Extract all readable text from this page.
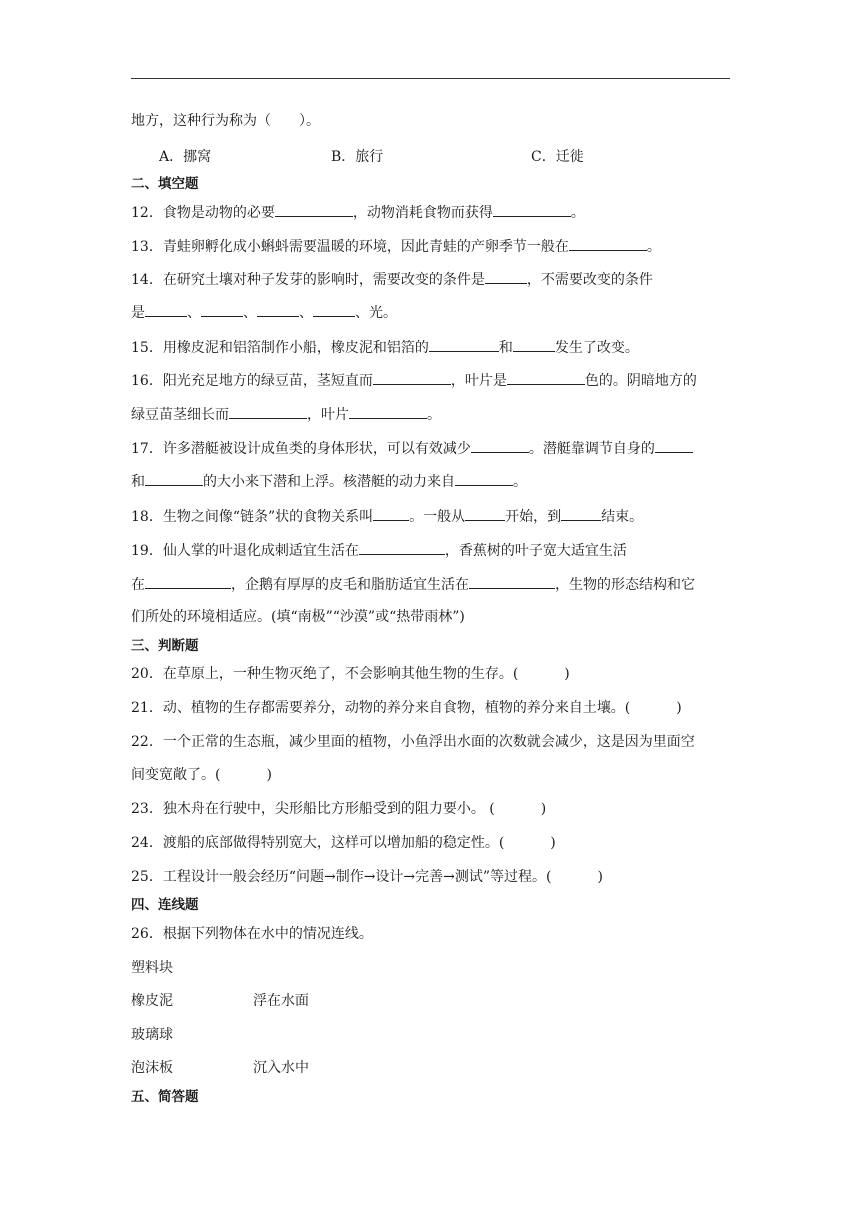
地方，这种行为称为（　　）。
A．挪窝	B．旅行	C．迁徙
二、填空题
12．食物是动物的必要	，动物消耗食物而获得	。
13．青蛙卵孵化成小蝌蚪需要温暖的环境，因此青蛙的产卵季节一般在	。
14．在研究土壤对种子发芽的影响时，需要改变的条件是	，不需要改变的条件
是	、	、	、	、光。
15．用橡皮泥和铝箔制作小船，橡皮泥和铝箔的	和	发生了改变。
16．阳光充足地方的绿豆苗，茎短直而	，叶片是	色的。阴暗地方的
绿豆苗茎细长而	，叶片	。
17．许多潜艇被设计成鱼类的身体形状，可以有效减少	。潜艇靠调节自身的
和	的大小来下潜和上浮。核潜艇的动力来自	。
18．生物之间像“链条”状的食物关系叫	。一般从	开始，到	结束。
19．仙人掌的叶退化成刺适宜生活在	，香蕉树的叶子宽大适宜生活
在	，企鹅有厚厚的皮毛和脂肪适宜生活在	，生物的形态结构和它
们所处的环境相适应。(填“南极”“沙漠”或“热带雨林”)
三、判断题
20．在草原上，一种生物灭绝了，不会影响其他生物的生存。(	)
21．动、植物的生存都需要养分，动物的养分来自食物，植物的养分来自土壤。(	)
22．一个正常的生态瓶，减少里面的植物，小鱼浮出水面的次数就会减少，这是因为里面空
间变宽敞了。(	)
23．独木舟在行驶中，尖形船比方形船受到的阻力要小。 (	)
24．渡船的底部做得特别宽大，这样可以增加船的稳定性。(	)
25．工程设计一般会经历“问题→制作→设计→完善→测试”等过程。(	)
四、连线题
26．根据下列物体在水中的情况连线。
塑料块
橡皮泥	浮在水面
玻璃球
泡沫板	沉入水中
五、简答题
